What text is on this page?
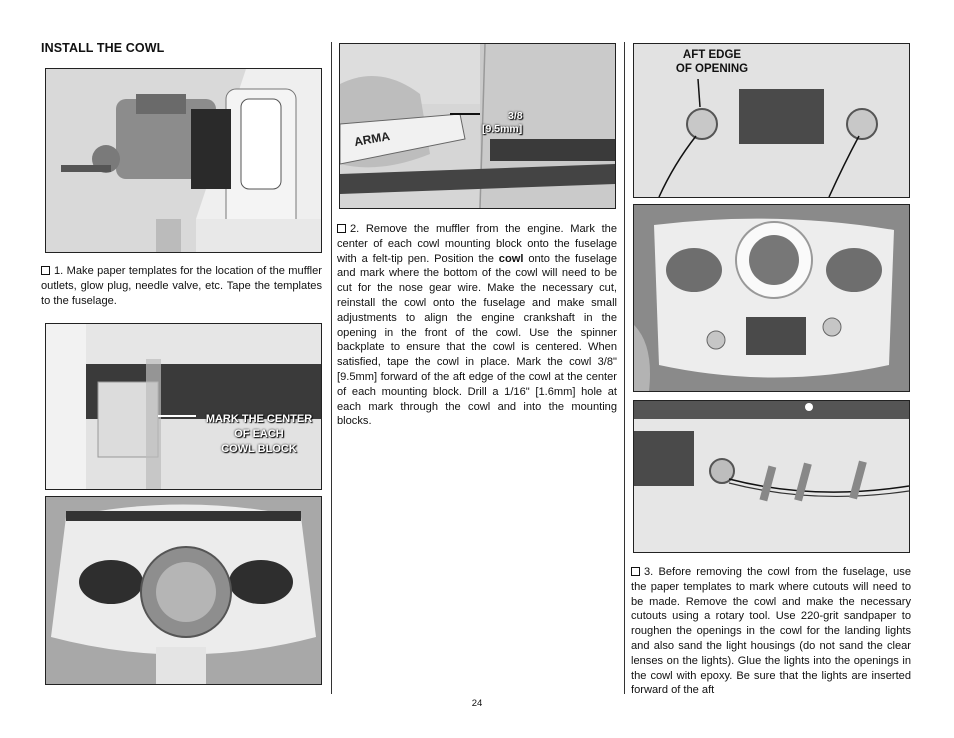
INSTALL THE COWL
1. Make paper templates for the location of the muffler outlets, glow plug, needle valve, etc. Tape the templates to the fuselage.
MARK THE CENTER
OF EACH
COWL BLOCK
ARMA
3/8
[9.5mm]
2. Remove the muffler from the engine. Mark the center of each cowl mounting block onto the fuselage with a felt-tip pen. Position the cowl onto the fuselage and mark where the bottom of the cowl will need to be cut for the nose gear wire. Make the necessary cut, reinstall the cowl onto the fuselage and make small adjustments to align the engine crankshaft in the opening in the front of the cowl. Use the spinner backplate to ensure that the cowl is centered. When satisfied, tape the cowl in place. Mark the cowl 3/8" [9.5mm] forward of the aft edge of the cowl at the center of each mounting block. Drill a 1/16" [1.6mm] hole at each mark through the cowl and into the mounting blocks.
AFT EDGE
OF OPENING
3. Before removing the cowl from the fuselage, use the paper templates to mark where cutouts will need to be made. Remove the cowl and make the necessary cutouts using a rotary tool. Use 220-grit sandpaper to roughen the openings in the cowl for the landing lights and also sand the light housings (do not sand the clear lenses on the lights). Glue the lights into the openings in the cowl with epoxy. Be sure that the lights are inserted forward of the aft
24
